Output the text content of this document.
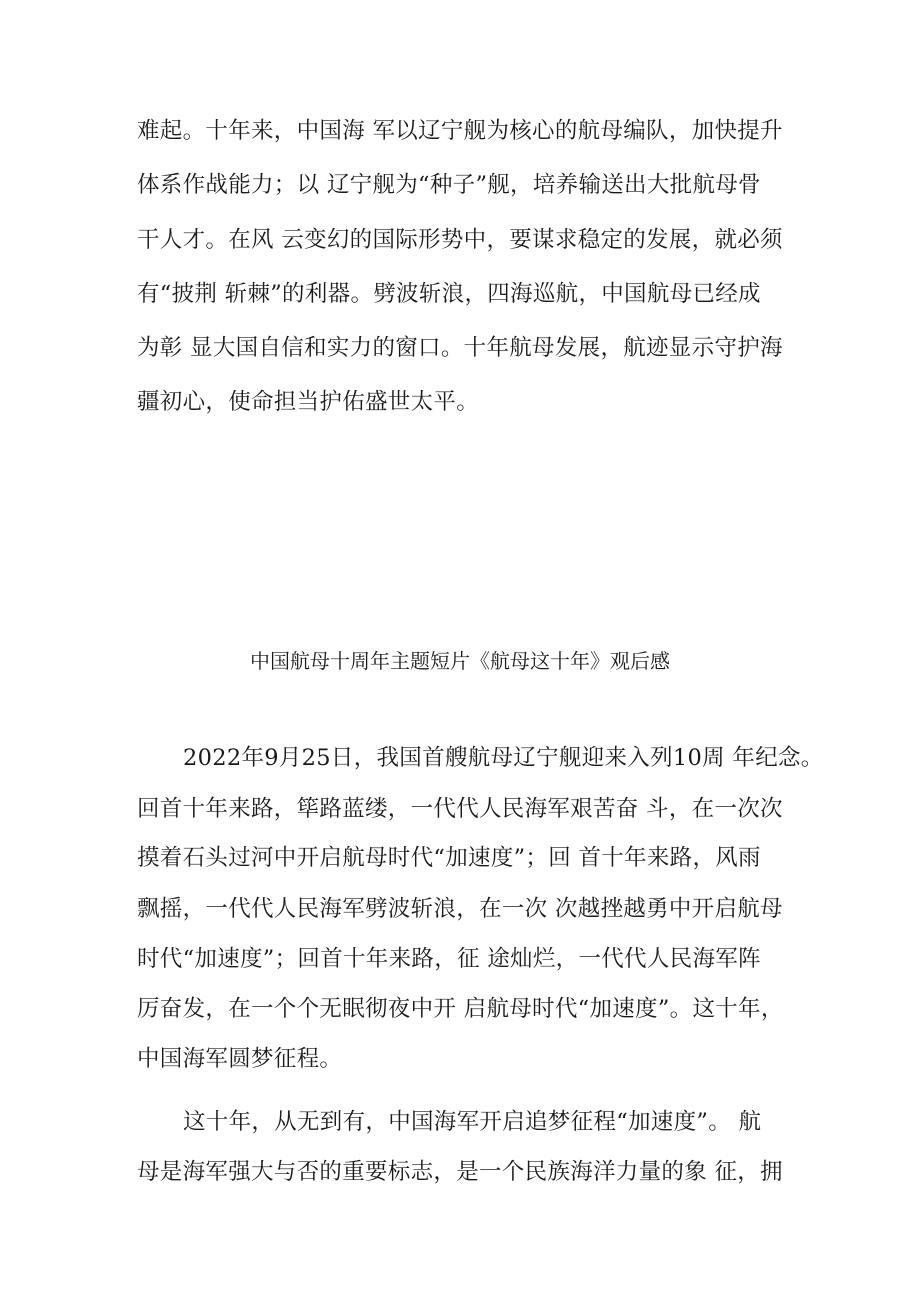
难起。十年来，中国海 军以辽宁舰为核心的航母编队，加快提升
体系作战能力；以 辽宁舰为“种子”舰，培养输送出大批航母骨
干人才。在风 云变幻的国际形势中，要谋求稳定的发展，就必须
有“披荆 斩棘”的利器。劈波斩浪，四海巡航，中国航母已经成
为彰 显大国自信和实力的窗口。十年航母发展，航迹显示守护海
疆初心，使命担当护佑盛世太平。
中国航母十周年主题短片《航母这十年》观后感
2022年9月25日，我国首艘航母辽宁舰迎来入列10周 年纪念。
回首十年来路，筚路蓝缕，一代代人民海军艰苦奋 斗，在一次次
摸着石头过河中开启航母时代“加速度”；回 首十年来路，风雨
飘摇，一代代人民海军劈波斩浪，在一次 次越挫越勇中开启航母
时代“加速度”；回首十年来路，征 途灿烂，一代代人民海军阵
厉奋发，在一个个无眠彻夜中开 启航母时代“加速度”。这十年，
中国海军圆梦征程。
这十年，从无到有，中国海军开启追梦征程“加速度”。 航
母是海军强大与否的重要标志，是一个民族海洋力量的象 征，拥
